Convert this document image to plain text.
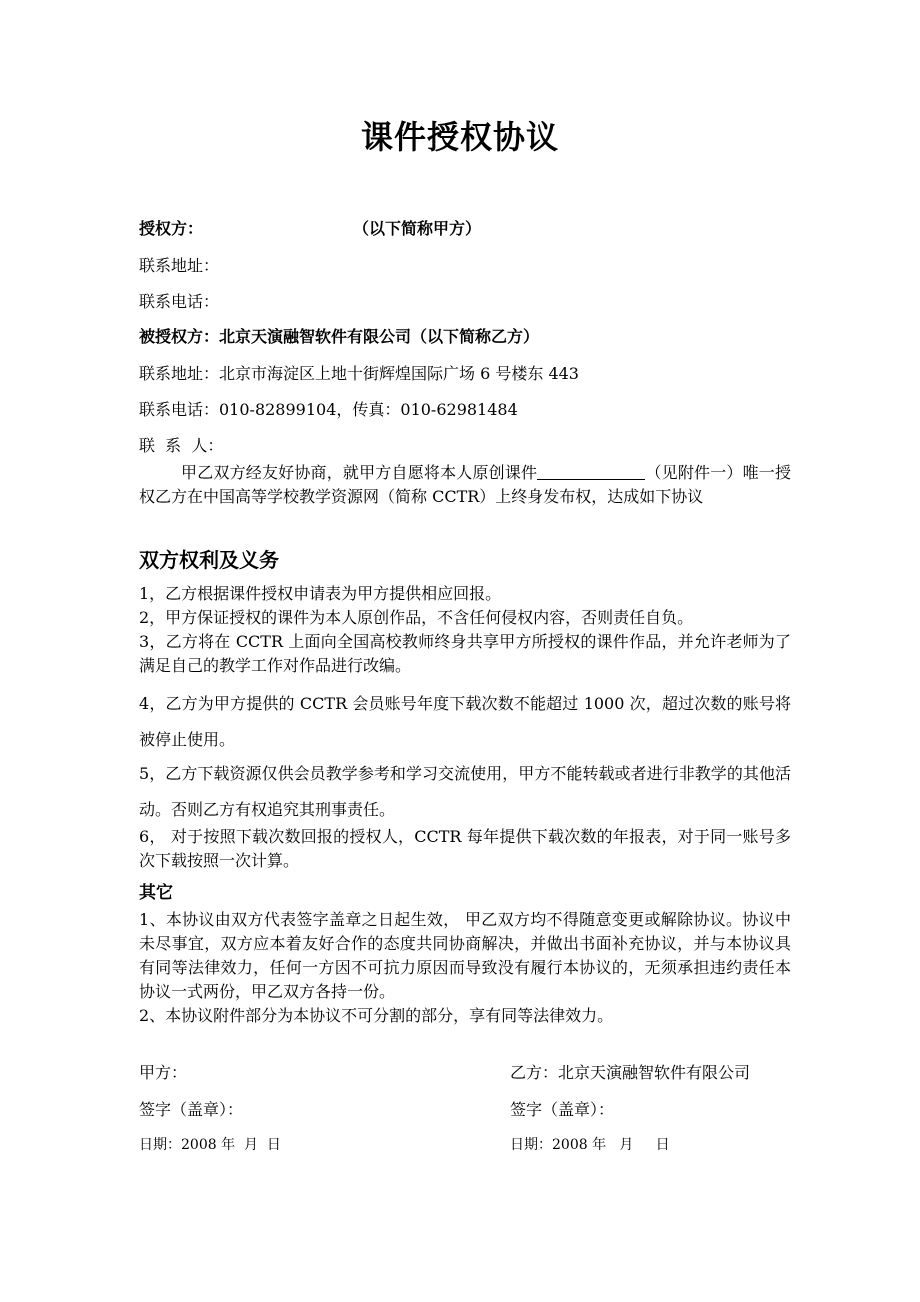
课件授权协议
授权方：	（以下简称甲方）
联系地址：
联系电话：
被授权方：北京天演融智软件有限公司（以下简称乙方）
联系地址：北京市海淀区上地十街辉煌国际广场 6 号楼东 443
联系电话：010-82899104，传真：010-62981484
联  系  人：
甲乙双方经友好协商，就甲方自愿将本人原创课件	（见附件一）唯一授权乙方在中国高等学校教学资源网（简称 CCTR）上终身发布权，达成如下协议
双方权利及义务
1，乙方根据课件授权申请表为甲方提供相应回报。
2，甲方保证授权的课件为本人原创作品，不含任何侵权内容，否则责任自负。
3，乙方将在 CCTR 上面向全国高校教师终身共享甲方所授权的课件作品，并允许老师为了满足自己的教学工作对作品进行改编。
4，乙方为甲方提供的 CCTR 会员账号年度下载次数不能超过 1000 次，超过次数的账号将被停止使用。
5，乙方下载资源仅供会员教学参考和学习交流使用，甲方不能转载或者进行非教学的其他活动。否则乙方有权追究其刑事责任。
6， 对于按照下载次数回报的授权人，CCTR 每年提供下载次数的年报表，对于同一账号多次下载按照一次计算。
其它
1、本协议由双方代表签字盖章之日起生效， 甲乙双方均不得随意变更或解除协议。协议中未尽事宜，双方应本着友好合作的态度共同协商解决，并做出书面补充协议，并与本协议具有同等法律效力，任何一方因不可抗力原因而导致没有履行本协议的，无须承担违约责任本协议一式两份，甲乙双方各持一份。
2、本协议附件部分为本协议不可分割的部分，享有同等法律效力。
甲方：
签字（盖章）：
日期：2008 年  月  日
乙方：北京天演融智软件有限公司
签字（盖章）：
日期：2008 年   月     日
